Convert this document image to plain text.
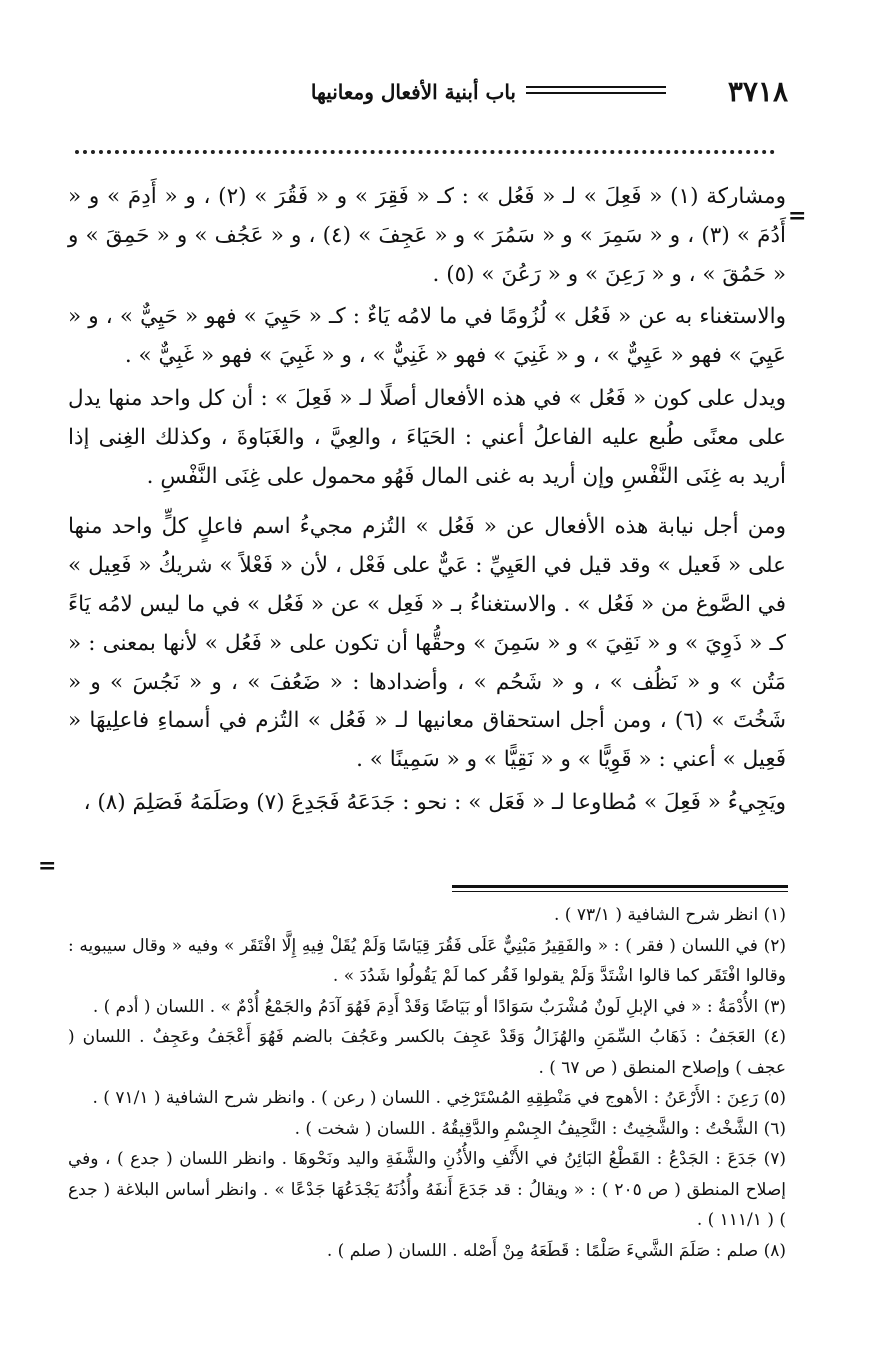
٣٧١٨
باب أبنية الأفعال ومعانيها
=
=

ومشاركة (١) « فَعِلَ » لـ « فَعُل » : كـ « فَقِرَ » و « فَقُرَ » (٢) ، و « أَدِمَ » و « أَدُمَ » (٣) ، و « سَمِرَ » و « سَمُرَ » و « عَجِفَ » (٤) ، و « عَجُف » و « حَمِقَ » و « حَمُقَ » ، و « رَعِنَ » و « رَعُنَ » (٥) .

والاستغناء به عن « فَعُل » لُزُومًا في ما لامُه يَاءٌ : كـ « حَيِيَ » فهو « حَيِيٌّ » ، و « عَيِيَ » فهو « عَيِيٌّ » ، و « غَنِيَ » فهو « غَنِيٌّ » ، و « غَبِيَ » فهو « غَبِيٌّ » .

ويدل على كون « فَعُل » في هذه الأفعال أصلًا لـ « فَعِلَ » : أن كل واحد منها يدل على معنًى طُبع عليه الفاعلُ أعني : الحَيَاءَ ، والعِيَّ ، والغَبَاوةَ ، وكذلك الغِنى إذا أريد به غِنَى النَّفْسِ وإن أريد به غنى المال فَهُو محمول على غِنَى النَّفْسِ .

ومن أجل نيابة هذه الأفعال عن « فَعُل » التُزم مجيءُ اسم فاعلٍ كلٍّ واحد منها على « فَعيل » وقد قيل في العَيِيِّ : عَيٌّ على فَعْل ، لأن « فَعْلاً » شريكُ « فَعِيل » في الصَّوغ من « فَعُل » . والاستغناءُ بـ « فَعِل » عن « فَعُل » في ما ليس لامُه يَاءً كـ « ذَوِيَ » و « نَقِيَ » و « سَمِنَ » وحقُّها أن تكون على « فَعُل » لأنها بمعنى : « مَتُن » و « نَظُف » ، و « شَحُم » ، وأضدادها : « ضَعُفَ » ، و « نَجُسَ » و « شَخُتَ » (٦) ، ومن أجل استحقاق معانيها لـ « فَعُل » التُزم في أسماءِ فاعلِيهَا « فَعِيل » أعني : « قَوِيًّا » و « نَقِيًّا » و « سَمِينًا » .

ويَجِيءُ « فَعِلَ » مُطاوعا لـ « فَعَل » : نحو : جَدَعَهُ فَجَدِعَ (٧) وصَلَمَهُ فَصَلِمَ (٨) ،

(١) انظر شرح الشافية ( ٧٣/١ ) .

(٢) في اللسان ( فقر ) : « والفَقِيرُ مَبْنِيٌّ عَلَى فَقُرَ قِيَاسًا وَلَمْ يُقَلْ فِيهِ إِلَّا افْتَقَر » وفيه « وقال سيبويه : وقالوا افْتَقَر كما قالوا اشْتَدَّ وَلَمْ يقولوا فَقُر كما لَمْ يَقُولُوا شَدُدَ » .

(٣) الأُدْمَةُ : « في الإبلِ لَونٌ مُشْرَبٌ سَوَادًا أو بَيَاضًا وَقَدْ أَدِمَ فَهُوَ آدَمُ والجَمْعُ أُدْمٌ » . اللسان ( أدم ) .

(٤) العَجَفُ : ذَهَابُ السِّمَنِ والهُزَالُ وَقَدْ عَجِفَ بالكسر وعَجُفَ بالضم فَهُوَ أَعْجَفُ وعَجِفٌ . اللسان ( عجف ) وإصلاح المنطق ( ص ٦٧ ) .

(٥) رَعِنَ : الأَرْعَنُ : الأهوج في مَنْطِقِهِ المُسْتَرْخِي . اللسان ( رعن ) . وانظر شرح الشافية ( ٧١/١ ) .

(٦) الشَّخْتُ : والشَّخِيتُ : النَّحِيفُ الجِسْمِ والدَّقِيقُهُ . اللسان ( شخت ) .

(٧) جَدَعَ : الجَدْعُ : القَطْعُ البَائِنُ في الأَنْفِ والأُذُنِ والشَّفَةِ واليد ونَحْوهَا . وانظر اللسان ( جدع ) ، وفي إصلاح المنطق ( ص ٢٠٥ ) : « ويقالُ : قد جَدَعَ أَنفَهُ وأُذُنَهُ يَجْدَعُهَا جَدْعًا » . وانظر أساس البلاغة ( جدع ) ( ١١١/١ ) .

(٨) صلم : صَلَمَ الشَّيءَ صَلْمًا : قَطَعَهُ مِنْ أَصْله . اللسان ( صلم ) .
